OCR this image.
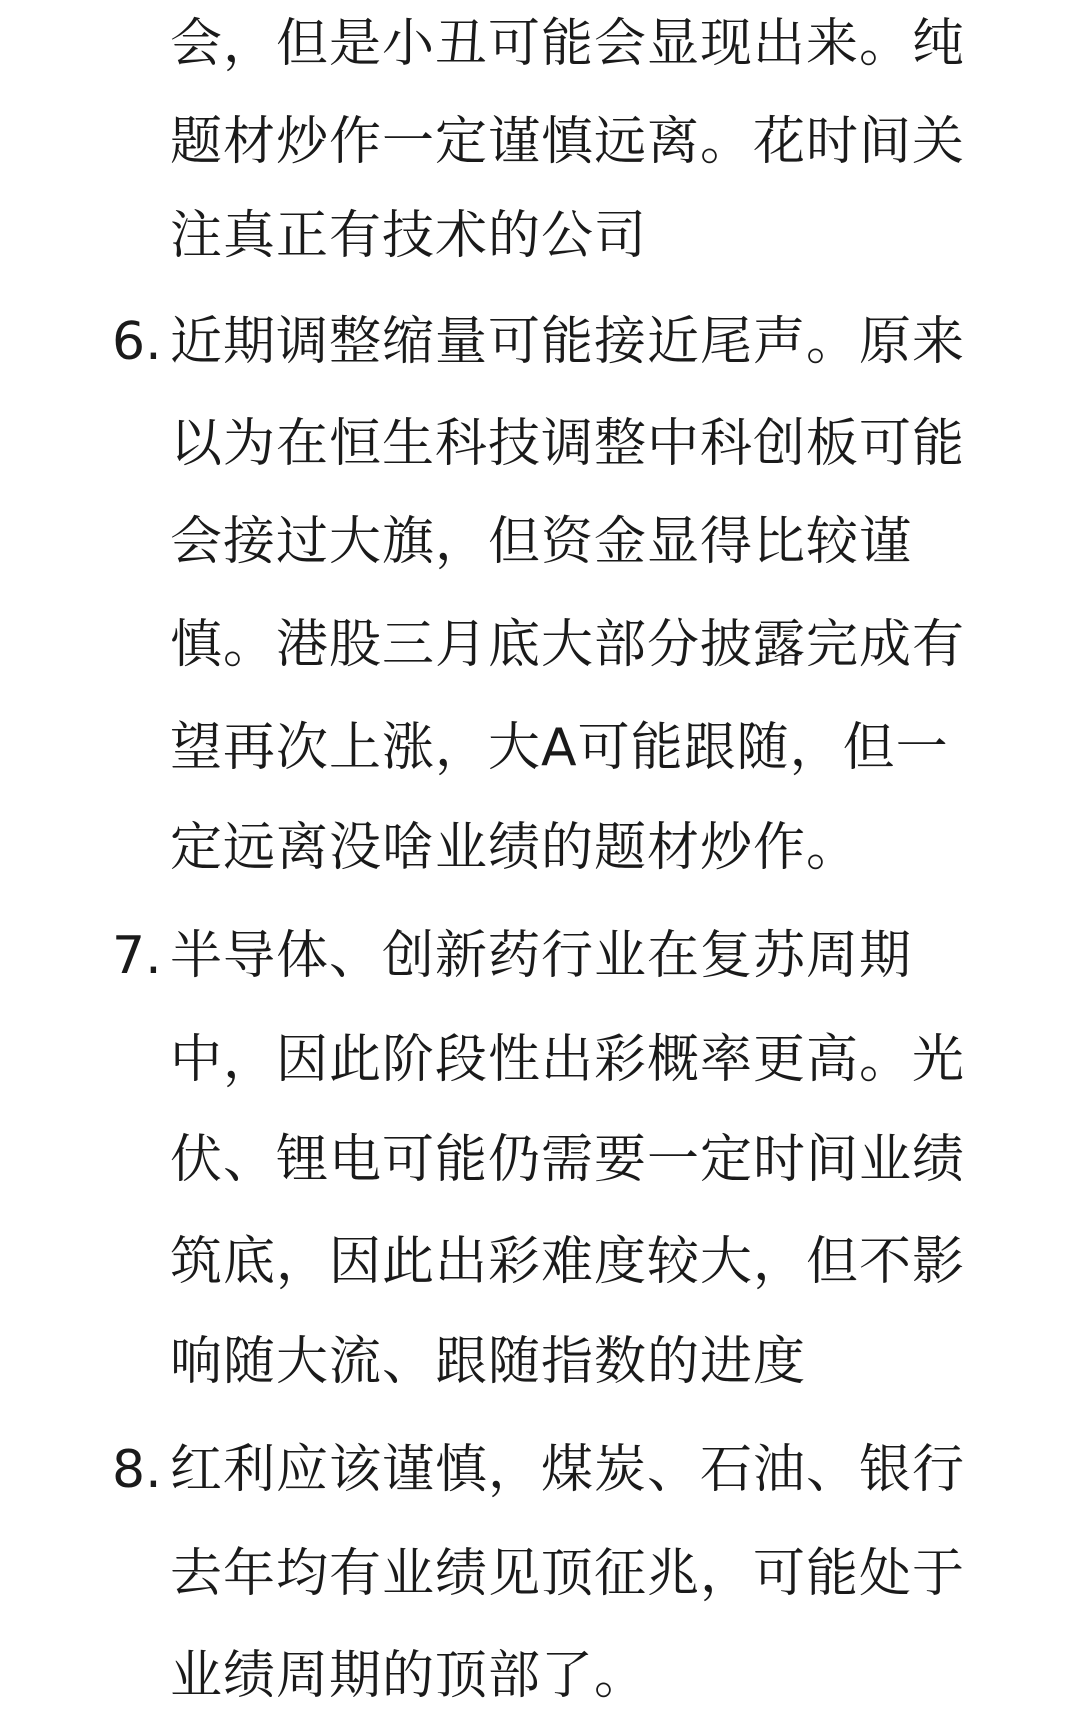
会，但是小丑可能会显现出来。纯
题材炒作一定谨慎远离。花时间关
注真正有技术的公司
6. 近期调整缩量可能接近尾声。原来
以为在恒生科技调整中科创板可能
会接过大旗，但资金显得比较谨
慎。港股三月底大部分披露完成有
望再次上涨，大A可能跟随，但一
定远离没啥业绩的题材炒作。
7. 半导体、创新药行业在复苏周期
中，因此阶段性出彩概率更高。光
伏、锂电可能仍需要一定时间业绩
筑底，因此出彩难度较大，但不影
响随大流、跟随指数的进度
8. 红利应该谨慎，煤炭、石油、银行
去年均有业绩见顶征兆，可能处于
业绩周期的顶部了。
